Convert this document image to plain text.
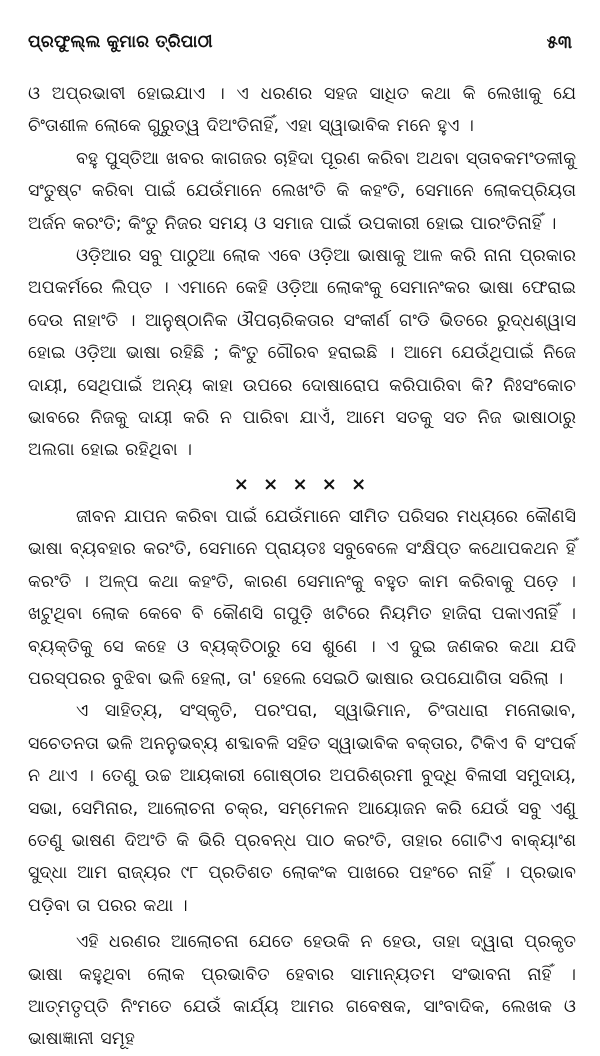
ପ୍ରଫୁଲ୍ଲ କୁମାର ତ୍ରିପାଠୀ	୫୩

ଓ ଅପ୍ରଭାବୀ ହୋଇଯାଏ । ଏ ଧରଣର ସହଜ ସାଧିତ କଥା କି ଲେଖାକୁ ଯେ ଚିଂତାଶୀଳ ଲୋକେ ଗୁରୁତ୍ୱ ଦିଅଂତିନାହିଁ, ଏହା ସ୍ୱାଭାବିକ ମନେ ହୁଏ ।

ବହୁ ପୁସ୍ତିଆ ଖବର କାଗଜର ଚାହିଦା ପୂରଣ କରିବା ଅଥବା ସ୍ତାବକମଂଡଳୀକୁ ସଂତୁଷ୍ଟ କରିବା ପାଇଁ ଯେଉଁମାନେ ଲେଖଂତି କି କହଂତି, ସେମାନେ ଲୋକପ୍ରିୟତା ଅର୍ଜନ କରଂତି; କିଂତୁ ନିଜର ସମୟ ଓ ସମାଜ ପାଇଁ ଉପକାରୀ ହୋଇ ପାରଂତିନାହିଁ ।

ଓଡ଼ିଆର ସବୁ ପାଠୁଆ ଲୋକ ଏବେ ଓଡ଼ିଆ ଭାଷାକୁ ଆଳ କରି ନାନା ପ୍ରକାର ଅପକର୍ମରେ ଲିପ୍ତ । ଏମାନେ କେହି ଓଡ଼ିଆ ଲୋକଂକୁ ସେମାନଂକର ଭାଷା ଫେରାଇ ଦେଉ ନାହାଂତି । ଆନୁଷ୍ଠାନିକ ଔପଚାରିକତାର ସଂକୀର୍ଣ ଗଂଡି ଭିତରେ ରୁଦ୍ଧଶ୍ୱାସ ହୋଇ ଓଡ଼ିଆ ଭାଷା ରହିଛି ; କିଂତୁ ଗୌରବ ହରାଇଛି । ଆମେ ଯେଉଁଥିପାଇଁ ନିଜେ ଦାୟୀ, ସେଥିପାଇଁ ଅନ୍ୟ କାହା ଉପରେ ଦୋଷାରୋପ କରିପାରିବା କି? ନିଃସଂକୋଚ ଭାବରେ ନିଜକୁ ଦାୟୀ କରି ନ ପାରିବା ଯାଏଁ, ଆମେ ସତକୁ ସତ ନିଜ ଭାଷାଠାରୁ ଅଲଗା ହୋଇ ରହିଥିବା ।

× × × × ×

ଜୀବନ ଯାପନ କରିବା ପାଇଁ ଯେଉଁମାନେ ସୀମିତ ପରିସର ମଧ୍ୟରେ କୌଣସି ଭାଷା ବ୍ୟବହାର କରଂତି, ସେମାନେ ପ୍ରାୟତଃ ସବୁବେଳେ ସଂକ୍ଷିପ୍ତ କଥୋପକଥନ ହିଁ କରଂତି । ଅଳ୍ପ କଥା କହଂତି, କାରଣ ସେମାନଂକୁ ବହୁତ କାମ କରିବାକୁ ପଡ଼େ । ଖଟୁଥିବା ଲୋକ କେବେ ବି କୌଣସି ଗପୁଡ଼ି ଖଟିରେ ନିୟମିତ ହାଜିରା ପକାଏନାହିଁ । ବ୍ୟକ୍ତିକୁ ସେ କହେ ଓ ବ୍ୟକ୍ତିଠାରୁ ସେ ଶୁଣେ । ଏ ଦୁଇ ଜଣକର କଥା ଯଦି ପରସ୍ପରର ବୁଝିବା ଭଳି ହେଲା, ତା' ହେଲେ ସେଇଠି ଭାଷାର ଉପଯୋଗିତା ସରିଲା ।

ଏ ସାହିତ୍ୟ, ସଂସ୍କୃତି, ପରଂପରା, ସ୍ୱାଭିମାନ, ଚିଂତାଧାରା ମନୋଭାବ, ସଚେତନତା ଭଳି ଅନନୁଭବ୍ୟ ଶବ୍ଦାବଳି ସହିତ ସ୍ୱାଭାବିକ ବକ୍ତାର, ଟିକିଏ ବି ସଂପର୍କ ନ ଥାଏ । ତେଣୁ ଉଚ୍ଚ ଆୟକାରୀ ଗୋଷ୍ଠୀର ଅପରିଶ୍ରମୀ ବୁଦ୍ଧି ବିଳାସୀ ସମୁଦାୟ, ସଭା, ସେମିନାର, ଆଲୋଚନା ଚକ୍ର, ସମ୍ମେଳନ ଆୟୋଜନ କରି ଯେଉଁ ସବୁ ଏଣୁ ତେଣୁ ଭାଷଣ ଦିଅଂତି କି ଭିରି ପ୍ରବନ୍ଧ ପାଠ କରଂତି, ତାହାର ଗୋଟିଏ ବାକ୍ୟାଂଶ ସୁଦ୍ଧା ଆମ ରାଜ୍ୟର ୯୮ ପ୍ରତିଶତ ଲୋକଂକ ପାଖରେ ପହଂଚେ ନାହିଁ । ପ୍ରଭାବ ପଡ଼ିବା ତା ପରର କଥା ।

ଏହି ଧରଣର ଆଲୋଚନା ଯେତେ ହେଉକି ନ ହେଉ, ତାହା ଦ୍ୱାରା ପ୍ରକୃତ ଭାଷା କହୁଥିବା ଲୋକ ପ୍ରଭାବିତ ହେବାର ସାମାନ୍ୟତମ ସଂଭାବନା ନାହିଁ । ଆତ୍ମତୃପ୍ତି ନିଂମତେ ଯେଉଁ କାର୍ଯ୍ୟ ଆମର ଗବେଷକ, ସାଂବାଦିକ, ଲେଖକ ଓ ଭାଷାଜ୍ଞାନୀ ସମୂହ
